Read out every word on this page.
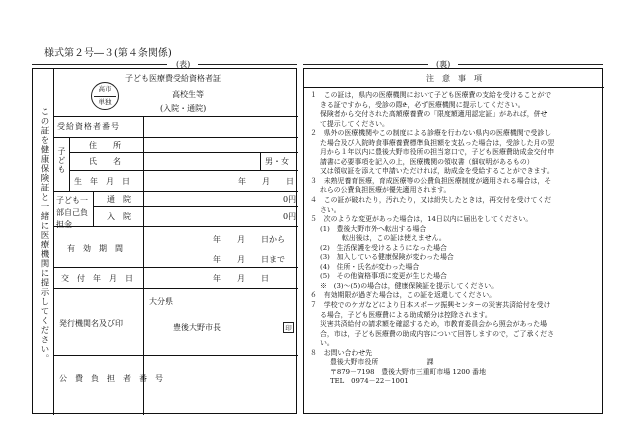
様式第２号―３(第４条関係)
(表)	(裏)
この証を健康保険証と一緒に医療機関に提示してください。
高市
単独
子ども医療費受給資格者証
高校生等
(入院・通院)
受給資格者番号
子ども
住　　所
氏　　名	男・女
生　年　月　日	年　　月　　日
子ども一部自己負担金
通　院	0円
入　院	0円
有　効　期　間
年　　月　　日から
年　　月　　日まで
交　付　年　月　日	年　　月　　日
発行機関名及び印
大分県
豊後大野市長	印
公　費　負　担　者　番　号
注　意　事　項
１　この証は，県内の医療機関において子ども医療費の支給を受けることがで
きる証ですから，受診の際ድ，必ず医療機関に提示してください。
保険者から交付された高額療養費の「限度額適用認定証」があれば，併せ
て提示してください。
２　県外の医療機関やこの制度による診療を行わない県内の医療機関で受診し
た場合及び入院時食事療養費標準負担額を支払った場合は，受診した月の翌
月から１年以内に豊後大野市役所の担当窓口で，子ども医療費助成金交付申
請書に必要事項を記入の上，医療機関の領収書（細収明があるもの）
又は領収証を添えて申請いただければ，助成金を受給することができます。
３　未熟児養育医療，育成医療等の公費負担医療制度が適用される場合は，そ
れらの公費負担医療が優先適用されます。
４　この証が破れたり，汚れたり，又は紛失したときは，再交付を受けてくだ
さい。
５　次のような変更があった場合は，14日以内に届出をしてください。
(1)　豊後大野市外へ転出する場合
転出後は，この証は使えません。
(2)　生活保護を受けるようになった場合
(3)　加入している健康保険が変わった場合
(4)　住所・氏名が変わった場合
(5)　その他資格事項に変更が生じた場合
※　(3)～(5)の場合は，健康保険証を提示してください。
６　有効期限が過ぎた場合は，この証を返還してください。
７　学校でのケガなどにより日本スポーツ振興センターの災害共済給付を受け
る場合，子ども医療費による助成額分は控除されます。
災害共済給付の請求額を確認するため，市教育委員会から照会があった場
合，市は，子ども医療費の助成内容について回答しますので，ご了承くださ
い。
８　お問い合わせ先
豊後大野市役所	課
〒879－7198　豊後大野市三重町市場 1200 番地
TEL　0974－22－1001
